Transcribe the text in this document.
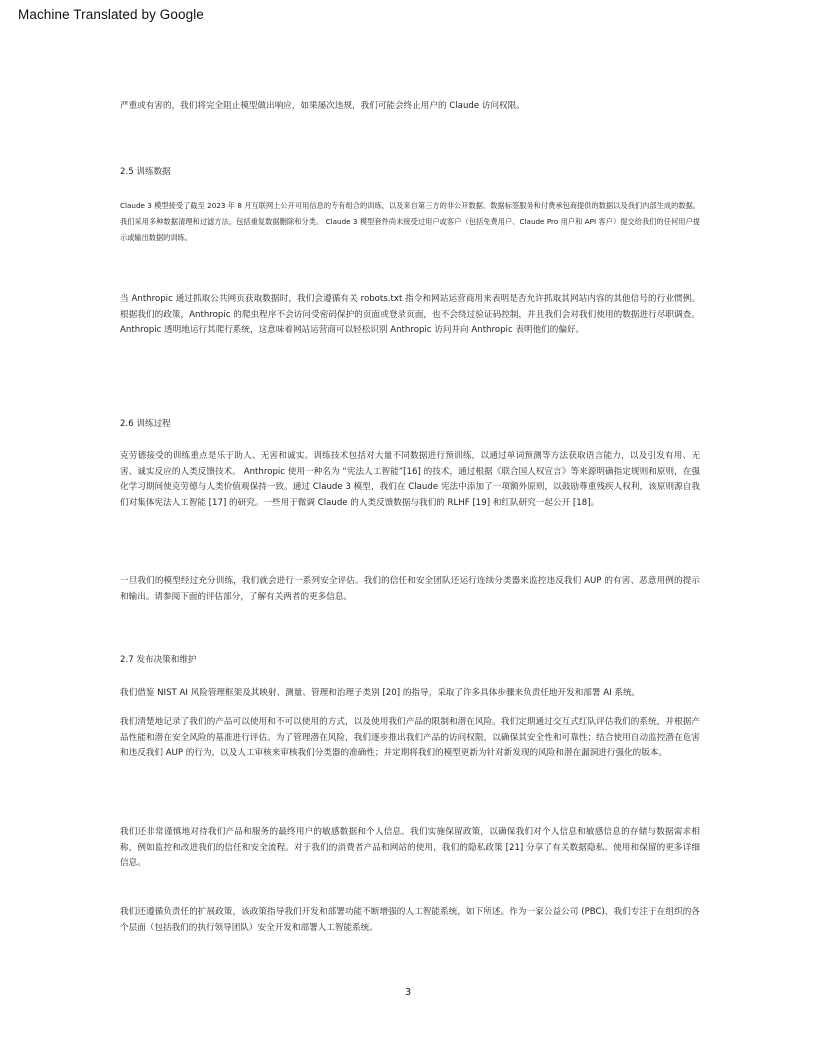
Machine Translated by Google

严重或有害的，我们将完全阻止模型做出响应，如果屡次违规，我们可能会终止用户的 Claude 访问权限。

2.5 训练数据

Claude 3 模型接受了截至 2023 年 8 月互联网上公开可用信息的专有组合的训练，以及来自第三方的非公开数据、数据标签服务和付费承包商提供的数据以及我们内部生成的数据。我们采用多种数据清理和过滤方法，包括重复数据删除和分类。 Claude 3 模型套件尚未接受过用户或客户（包括免费用户、Claude Pro 用户和 API 客户）提交给我们的任何用户提示或输出数据的训练。

当 Anthropic 通过抓取公共网页获取数据时，我们会遵循有关 robots.txt 指令和网站运营商用来表明是否允许抓取其网站内容的其他信号的行业惯例。根据我们的政策，Anthropic 的爬虫程序不会访问受密码保护的页面或登录页面，也不会绕过验证码控制，并且我们会对我们使用的数据进行尽职调查。 Anthropic 透明地运行其爬行系统，这意味着网站运营商可以轻松识别 Anthropic 访问并向 Anthropic 表明他们的偏好。

2.6 训练过程

克劳德接受的训练重点是乐于助人、无害和诚实。训练技术包括对大量不同数据进行预训练，以通过单词预测等方法获取语言能力，以及引发有用、无害、诚实反应的人类反馈技术。 Anthropic 使用一种名为 “宪法人工智能”[16] 的技术，通过根据《联合国人权宣言》等来源明确指定规则和原则，在强化学习期间使克劳德与人类价值观保持一致。通过 Claude 3 模型，我们在 Claude 宪法中添加了一项额外原则，以鼓励尊重残疾人权利，该原则源自我们对集体宪法人工智能 [17] 的研究。一些用于微调 Claude 的人类反馈数据与我们的 RLHF [19] 和红队研究一起公开 [18]。

一旦我们的模型经过充分训练，我们就会进行一系列安全评估。我们的信任和安全团队还运行连续分类器来监控违反我们 AUP 的有害、恶意用例的提示和输出。请参阅下面的评估部分，了解有关两者的更多信息。

2.7 发布决策和维护

我们借鉴 NIST AI 风险管理框架及其映射、测量、管理和治理子类别 [20] 的指导，采取了许多具体步骤来负责任地开发和部署 AI 系统。

我们清楚地记录了我们的产品可以使用和不可以使用的方式，以及使用我们产品的限制和潜在风险。我们定期通过交互式红队评估我们的系统，并根据产品性能和潜在安全风险的基准进行评估。为了管理潜在风险，我们逐步推出我们产品的访问权限，以确保其安全性和可靠性；结合使用自动监控潜在危害和违反我们 AUP 的行为，以及人工审核来审核我们分类器的准确性；并定期将我们的模型更新为针对新发现的风险和潜在漏洞进行强化的版本。

我们还非常谨慎地对待我们产品和服务的最终用户的敏感数据和个人信息。我们实施保留政策，以确保我们对个人信息和敏感信息的存储与数据需求相称，例如监控和改进我们的信任和安全流程。对于我们的消费者产品和网站的使用，我们的隐私政策 [21] 分享了有关数据隐私、使用和保留的更多详细信息。

我们还遵循负责任的扩展政策，该政策指导我们开发和部署功能不断增强的人工智能系统，如下所述。作为一家公益公司 (PBC)，我们专注于在组织的各个层面（包括我们的执行领导团队）安全开发和部署人工智能系统。

3
